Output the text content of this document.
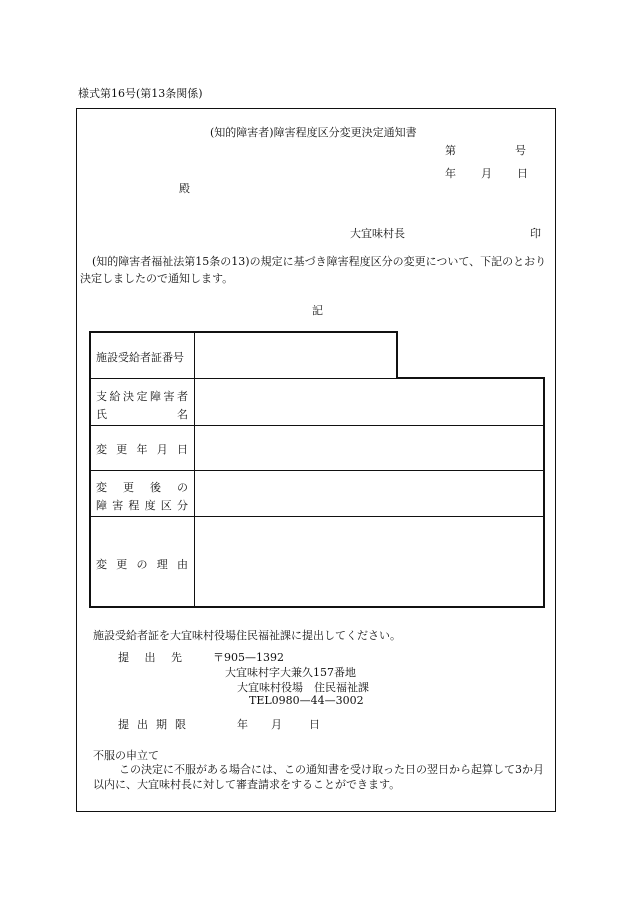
様式第16号(第13条関係)
(知的障害者)障害程度区分変更決定通知書
第	号
年 月 日
殿
大宜味村長	印
(知的障害者福祉法第15条の13)の規定に基づき障害程度区分の変更について、下記のとおり決定しましたので通知します。
記
施設受給者証番号
支 給 決 定 障 害 者
氏	名
変 更 年 月 日
変 更 後 の
障 害 程 度 区 分
変 更 の 理 由
施設受給者証を大宜味村役場住民福祉課に提出してください。
提 出 先	〒905—1392
大宜味村字大兼久157番地
大宜味村役場　住民福祉課
TEL0980—44—3002
提 出 期 限	年 月 日
不服の申立て
この決定に不服がある場合には、この通知書を受け取った日の翌日から起算して3か月以内に、大宜味村長に対して審査請求をすることができます。
